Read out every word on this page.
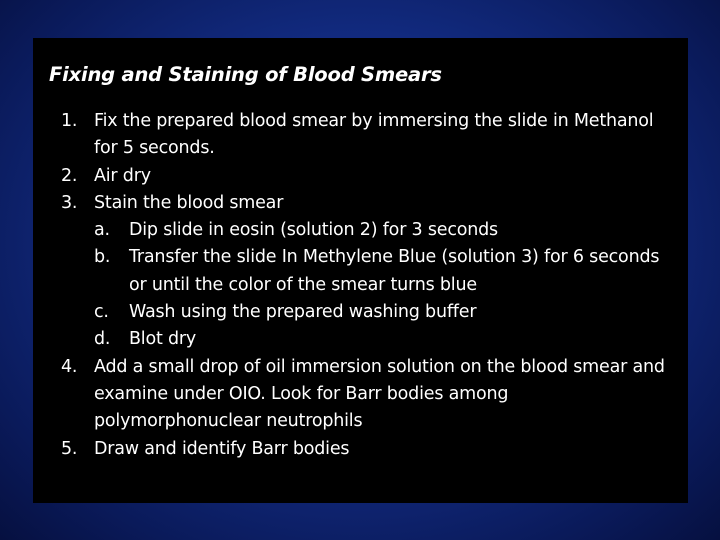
Fixing and Staining of Blood Smears
1. Fix the prepared blood smear by immersing the slide in Methanol for 5 seconds.
2. Air dry
3. Stain the blood smear
a.	Dip slide in eosin (solution 2) for 3 seconds
b.	Transfer the slide In Methylene Blue (solution 3) for 6 seconds or until the color of the smear turns blue
c.	Wash using the prepared washing buffer
d.	Blot dry
4. Add a small drop of oil immersion solution on the blood smear and examine under OIO. Look for Barr bodies among polymorphonuclear neutrophils
5. Draw and identify Barr bodies
